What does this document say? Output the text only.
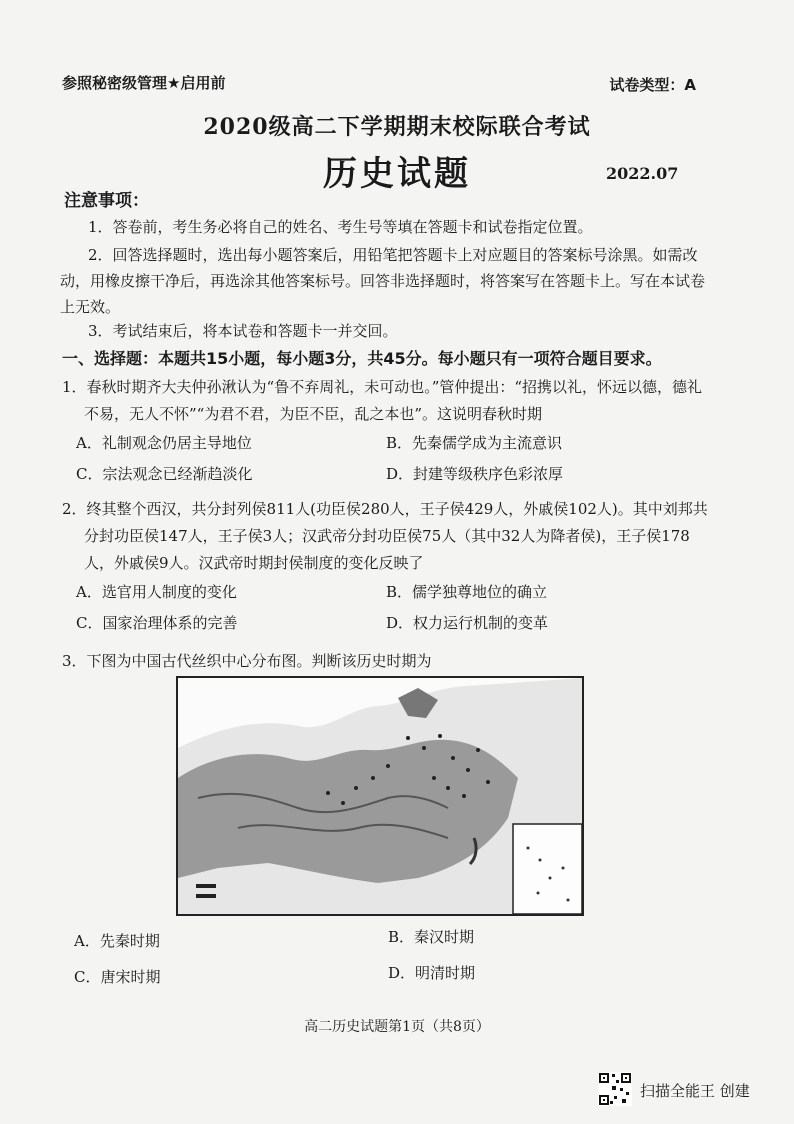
参照秘密级管理★启用前	试卷类型：A
2020级高二下学期期末校际联合考试
历史试题	2022.07
注意事项：
1．答卷前，考生务必将自己的姓名、考生号等填在答题卡和试卷指定位置。
2．回答选择题时，选出每小题答案后，用铅笔把答题卡上对应题目的答案标号涂黑。如需改动，用橡皮擦干净后，再选涂其他答案标号。回答非选择题时，将答案写在答题卡上。写在本试卷上无效。
3．考试结束后，将本试卷和答题卡一并交回。
一、选择题：本题共15小题，每小题3分，共45分。每小题只有一项符合题目要求。
1．春秋时期齐大夫仲孙湫认为“鲁不弃周礼，未可动也。”管仲提出：“招携以礼，怀远以德，德礼不易，无人不怀”“为君不君，为臣不臣，乱之本也”。这说明春秋时期
A．礼制观念仍居主导地位	B．先秦儒学成为主流意识
C．宗法观念已经渐趋淡化	D．封建等级秩序色彩浓厚
2．终其整个西汉，共分封列侯811人(功臣侯280人，王子侯429人，外戚侯102人)。其中刘邦共分封功臣侯147人，王子侯3人；汉武帝分封功臣侯75人（其中32人为降者侯)，王子侯178人，外戚侯9人。汉武帝时期封侯制度的变化反映了
A．选官用人制度的变化	B．儒学独尊地位的确立
C．国家治理体系的完善	D．权力运行机制的变革
3．下图为中国古代丝织中心分布图。判断该历史时期为
A．先秦时期	B．秦汉时期
C．唐宋时期	D．明清时期
高二历史试题第1页（共8页）
扫描全能王 创建
